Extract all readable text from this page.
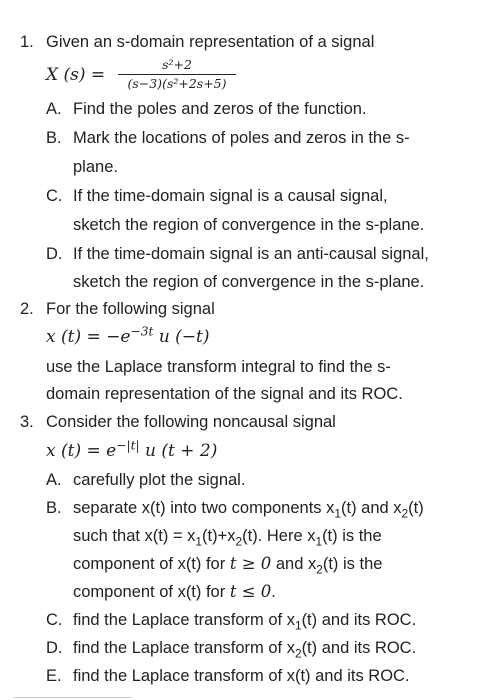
1. Given an s-domain representation of a signal
X (s) =
s²+2
(s−3)(s²+2s+5)
A. Find the poles and zeros of the function.
B. Mark the locations of poles and zeros in the s-
plane.
C. If the time-domain signal is a causal signal,
sketch the region of convergence in the s-plane.
D. If the time-domain signal is an anti-causal signal,
sketch the region of convergence in the s-plane.
2. For the following signal
x $(t) = -e^{-3t}$ u (−t)
use the Laplace transform integral to find the s-
domain representation of the signal and its ROC.
3. Consider the following noncausal signal
x $(t) = e^{-|t|}$ u (t + 2)
A. carefully plot the signal.
B. separate x(t) into two components $x_1(t)$ and $x_2(t)$
such that $x(t) = x_1(t)+x_2(t)$. Here $x_1(t)$ is the
component of x(t) for t ≥ 0 and $x_2(t)$ is the
component of x(t) for t ≤ 0.
C. find the Laplace transform of $x_1(t)$ and its ROC.
D. find the Laplace transform of $x_2(t)$ and its ROC.
E. find the Laplace transform of x(t) and its ROC.
